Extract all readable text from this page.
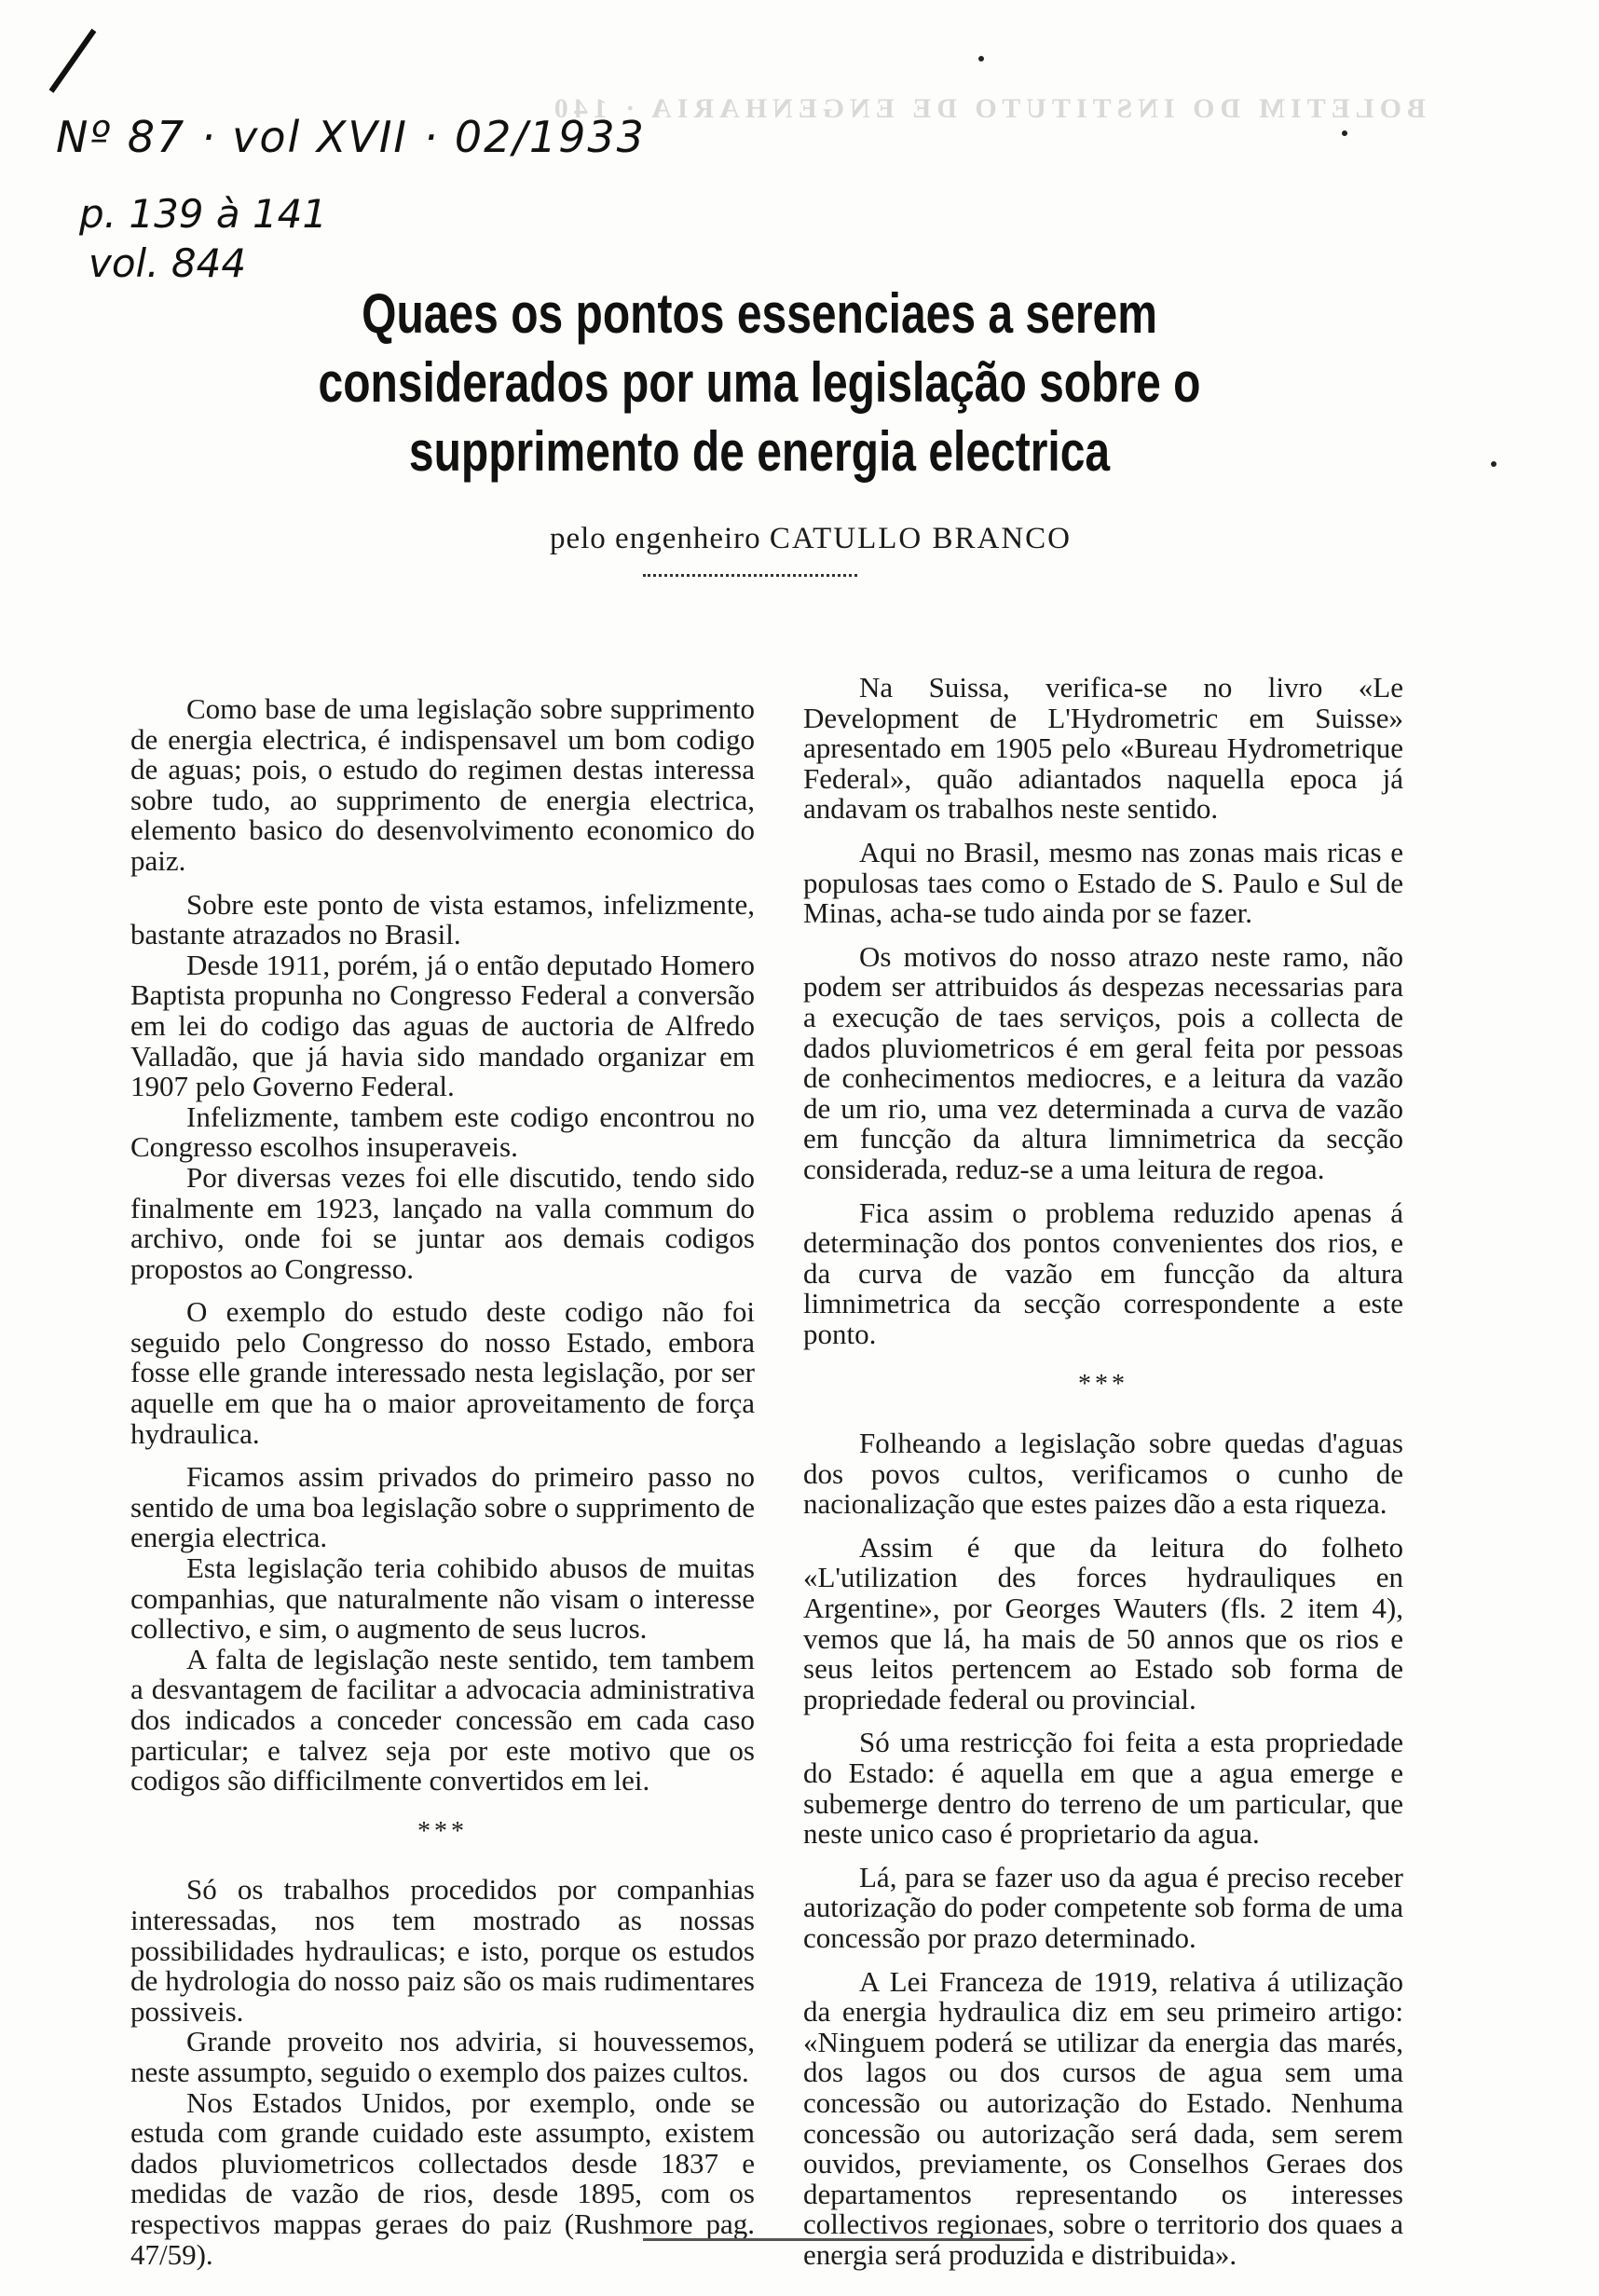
BOLETIM DO INSTITUTO DE ENGENHARIA · 140
Nº 87 · vol XVII · 02/1933
p. 139 à 141
vol. 844
Quaes os pontos essenciaes a serem considerados por uma legislação sobre o supprimento de energia electrica
pelo engenheiro CATULLO BRANCO

Como base de uma legislação sobre supprimento de energia electrica, é indispensavel um bom codigo de aguas; pois, o estudo do regimen destas interessa sobre tudo, ao supprimento de energia electrica, elemento basico do desenvolvimento economico do paiz.

Sobre este ponto de vista estamos, infelizmente, bastante atrazados no Brasil.

Desde 1911, porém, já o então deputado Homero Baptista propunha no Congresso Federal a conversão em lei do codigo das aguas de auctoria de Alfredo Valladão, que já havia sido mandado organizar em 1907 pelo Governo Federal.

Infelizmente, tambem este codigo encontrou no Congresso escolhos insuperaveis.

Por diversas vezes foi elle discutido, tendo sido finalmente em 1923, lançado na valla commum do archivo, onde foi se juntar aos demais codigos propostos ao Congresso.

O exemplo do estudo deste codigo não foi seguido pelo Congresso do nosso Estado, embora fosse elle grande interessado nesta legislação, por ser aquelle em que ha o maior aproveitamento de força hydraulica.

Ficamos assim privados do primeiro passo no sentido de uma boa legislação sobre o supprimento de energia electrica.

Esta legislação teria cohibido abusos de muitas companhias, que naturalmente não visam o interesse collectivo, e sim, o augmento de seus lucros.

A falta de legislação neste sentido, tem tambem a desvantagem de facilitar a advocacia administrativa dos indicados a conceder concessão em cada caso particular; e talvez seja por este motivo que os codigos são difficilmente convertidos em lei.

***

Só os trabalhos procedidos por companhias interessadas, nos tem mostrado as nossas possibilidades hydraulicas; e isto, porque os estudos de hydrologia do nosso paiz são os mais rudimentares possiveis.

Grande proveito nos adviria, si houvessemos, neste assumpto, seguido o exemplo dos paizes cultos.

Nos Estados Unidos, por exemplo, onde se estuda com grande cuidado este assumpto, existem dados pluviometricos collectados desde 1837 e medidas de vazão de rios, desde 1895, com os respectivos mappas geraes do paiz (Rushmore pag. 47/59).

Na Suissa, verifica-se no livro «Le Development de L'Hydrometric em Suisse» apresentado em 1905 pelo «Bureau Hydrometrique Federal», quão adiantados naquella epoca já andavam os trabalhos neste sentido.

Aqui no Brasil, mesmo nas zonas mais ricas e populosas taes como o Estado de S. Paulo e Sul de Minas, acha-se tudo ainda por se fazer.

Os motivos do nosso atrazo neste ramo, não podem ser attribuidos ás despezas necessarias para a execução de taes serviços, pois a collecta de dados pluviometricos é em geral feita por pessoas de conhecimentos mediocres, e a leitura da vazão de um rio, uma vez determinada a curva de vazão em funcção da altura limnimetrica da secção considerada, reduz-se a uma leitura de regoa.

Fica assim o problema reduzido apenas á determinação dos pontos convenientes dos rios, e da curva de vazão em funcção da altura limnimetrica da secção correspondente a este ponto.

***

Folheando a legislação sobre quedas d'aguas dos povos cultos, verificamos o cunho de nacionalização que estes paizes dão a esta riqueza.

Assim é que da leitura do folheto «L'utilization des forces hydrauliques en Argentine», por Georges Wauters (fls. 2 item 4), vemos que lá, ha mais de 50 annos que os rios e seus leitos pertencem ao Estado sob forma de propriedade federal ou provincial.

Só uma restricção foi feita a esta propriedade do Estado: é aquella em que a agua emerge e subemerge dentro do terreno de um particular, que neste unico caso é proprietario da agua.

Lá, para se fazer uso da agua é preciso receber autorização do poder competente sob forma de uma concessão por prazo determinado.

A Lei Franceza de 1919, relativa á utilização da energia hydraulica diz em seu primeiro artigo: «Ninguem poderá se utilizar da energia das marés, dos lagos ou dos cursos de agua sem uma concessão ou autorização do Estado. Nenhuma concessão ou autorização será dada, sem serem ouvidos, previamente, os Conselhos Geraes dos departamentos representando os interesses collectivos regionaes, sobre o territorio dos quaes a energia será produzida e distribuida».
